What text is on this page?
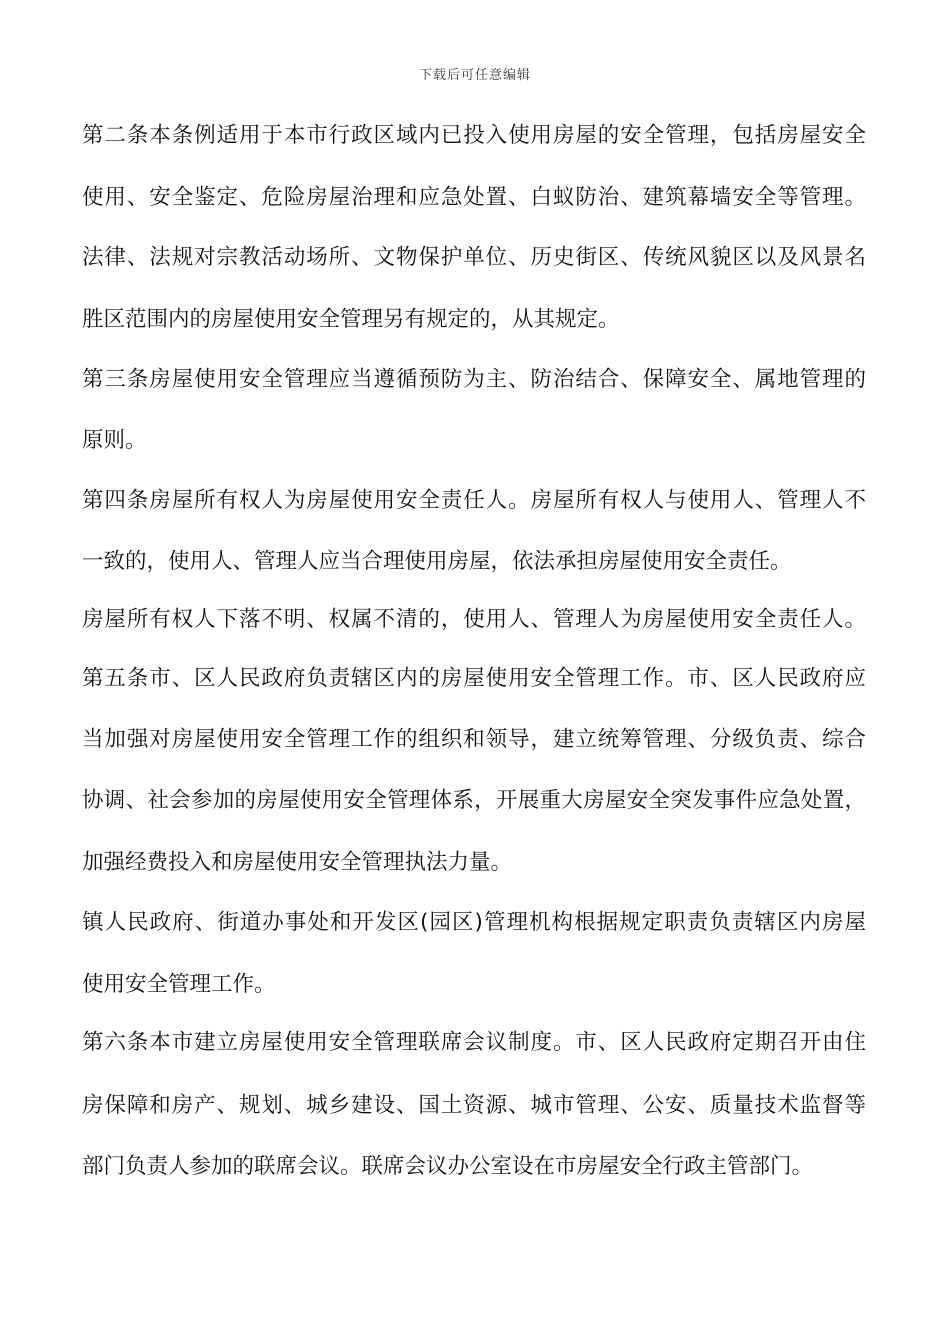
下载后可任意编辑
第二条本条例适用于本市行政区域内已投入使用房屋的安全管理，包括房屋安全
使用、安全鉴定、危险房屋治理和应急处置、白蚁防治、建筑幕墙安全等管理。
法律、法规对宗教活动场所、文物保护单位、历史街区、传统风貌区以及风景名
胜区范围内的房屋使用安全管理另有规定的，从其规定。
第三条房屋使用安全管理应当遵循预防为主、防治结合、保障安全、属地管理的
原则。
第四条房屋所有权人为房屋使用安全责任人。房屋所有权人与使用人、管理人不
一致的，使用人、管理人应当合理使用房屋，依法承担房屋使用安全责任。
房屋所有权人下落不明、权属不清的，使用人、管理人为房屋使用安全责任人。
第五条市、区人民政府负责辖区内的房屋使用安全管理工作。市、区人民政府应
当加强对房屋使用安全管理工作的组织和领导，建立统筹管理、分级负责、综合
协调、社会参加的房屋使用安全管理体系，开展重大房屋安全突发事件应急处置，
加强经费投入和房屋使用安全管理执法力量。
镇人民政府、街道办事处和开发区(园区)管理机构根据规定职责负责辖区内房屋
使用安全管理工作。
第六条本市建立房屋使用安全管理联席会议制度。市、区人民政府定期召开由住
房保障和房产、规划、城乡建设、国土资源、城市管理、公安、质量技术监督等
部门负责人参加的联席会议。联席会议办公室设在市房屋安全行政主管部门。
